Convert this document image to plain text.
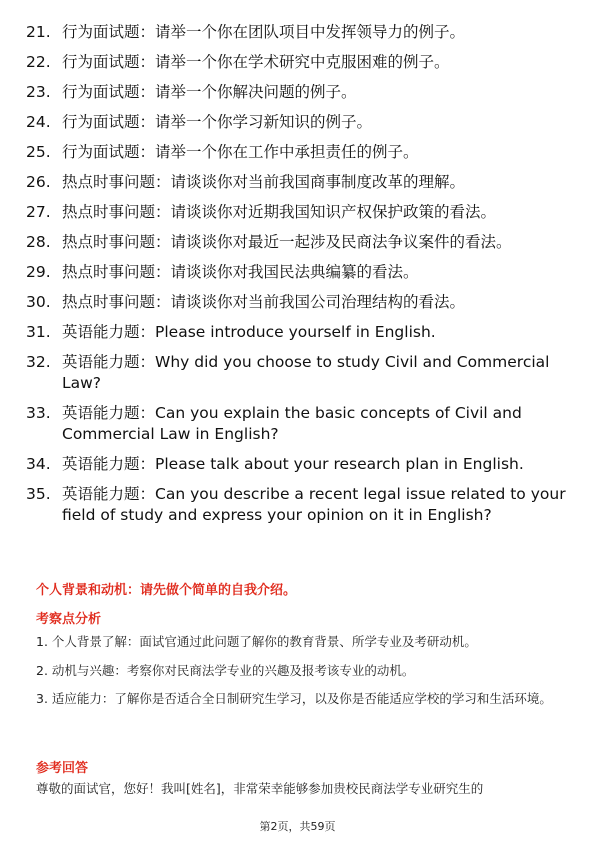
21. 行为面试题：请举一个你在团队项目中发挥领导力的例子。
22. 行为面试题：请举一个你在学术研究中克服困难的例子。
23. 行为面试题：请举一个你解决问题的例子。
24. 行为面试题：请举一个你学习新知识的例子。
25. 行为面试题：请举一个你在工作中承担责任的例子。
26. 热点时事问题：请谈谈你对当前我国商事制度改革的理解。
27. 热点时事问题：请谈谈你对近期我国知识产权保护政策的看法。
28. 热点时事问题：请谈谈你对最近一起涉及民商法争议案件的看法。
29. 热点时事问题：请谈谈你对我国民法典编纂的看法。
30. 热点时事问题：请谈谈你对当前我国公司治理结构的看法。
31. 英语能力题：Please introduce yourself in English.
32. 英语能力题：Why did you choose to study Civil and Commercial Law?
33. 英语能力题：Can you explain the basic concepts of Civil and Commercial Law in English?
34. 英语能力题：Please talk about your research plan in English.
35. 英语能力题：Can you describe a recent legal issue related to your field of study and express your opinion on it in English?

个人背景和动机：请先做个简单的自我介绍。

考察点分析

1. 个人背景了解：面试官通过此问题了解你的教育背景、所学专业及考研动机。

2. 动机与兴趣：考察你对民商法学专业的兴趣及报考该专业的动机。

3. 适应能力：了解你是否适合全日制研究生学习，以及你是否能适应学校的学习和生活环境。

参考回答

尊敬的面试官，您好！我叫[姓名]，非常荣幸能够参加贵校民商法学专业研究生的

第2页，共59页
